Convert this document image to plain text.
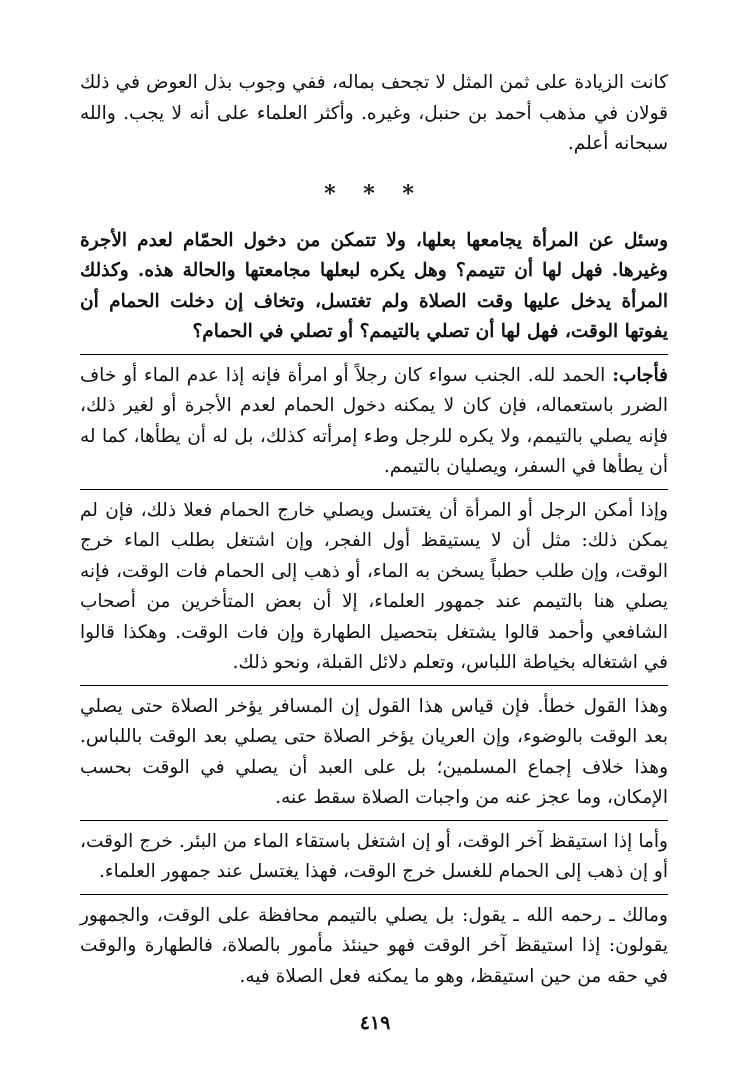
كانت الزيادة على ثمن المثل لا تجحف بماله، ففي وجوب بذل العوض في ذلك قولان في مذهب أحمد بن حنبل، وغيره. وأكثر العلماء على أنه لا يجب. والله سبحانه أعلم.

* * *

وسئل عن المرأة يجامعها بعلها، ولا تتمكن من دخول الحمّام لعدم الأجرة وغيرها. فهل لها أن تتيمم؟ وهل يكره لبعلها مجامعتها والحالة هذه. وكذلك المرأة يدخل عليها وقت الصلاة ولم تغتسل، وتخاف إن دخلت الحمام أن يفوتها الوقت، فهل لها أن تصلي بالتيمم؟ أو تصلي في الحمام؟

فأجاب: الحمد لله. الجنب سواء كان رجلاً أو امرأة فإنه إذا عدم الماء أو خاف الضرر باستعماله، فإن كان لا يمكنه دخول الحمام لعدم الأجرة أو لغير ذلك، فإنه يصلي بالتيمم، ولا يكره للرجل وطء إمرأته كذلك، بل له أن يطأها، كما له أن يطأها في السفر، ويصليان بالتيمم.

وإذا أمكن الرجل أو المرأة أن يغتسل ويصلي خارج الحمام فعلا ذلك، فإن لم يمكن ذلك: مثل أن لا يستيقظ أول الفجر، وإن اشتغل بطلب الماء خرج الوقت، وإن طلب حطباً يسخن به الماء، أو ذهب إلى الحمام فات الوقت، فإنه يصلي هنا بالتيمم عند جمهور العلماء، إلا أن بعض المتأخرين من أصحاب الشافعي وأحمد قالوا يشتغل بتحصيل الطهارة وإن فات الوقت. وهكذا قالوا في اشتغاله بخياطة اللباس، وتعلم دلائل القبلة، ونحو ذلك.

وهذا القول خطأ. فإن قياس هذا القول إن المسافر يؤخر الصلاة حتى يصلي بعد الوقت بالوضوء، وإن العريان يؤخر الصلاة حتى يصلي بعد الوقت باللباس. وهذا خلاف إجماع المسلمين؛ بل على العبد أن يصلي في الوقت بحسب الإمكان، وما عجز عنه من واجبات الصلاة سقط عنه.

وأما إذا استيقظ آخر الوقت، أو إن اشتغل باستقاء الماء من البئر. خرج الوقت، أو إن ذهب إلى الحمام للغسل خرج الوقت، فهذا يغتسل عند جمهور العلماء.

ومالك ـ رحمه الله ـ يقول: بل يصلي بالتيمم محافظة على الوقت، والجمهور يقولون: إذا استيقظ آخر الوقت فهو حينئذ مأمور بالصلاة، فالطهارة والوقت في حقه من حين استيقظ، وهو ما يمكنه فعل الصلاة فيه.

٤١٩
